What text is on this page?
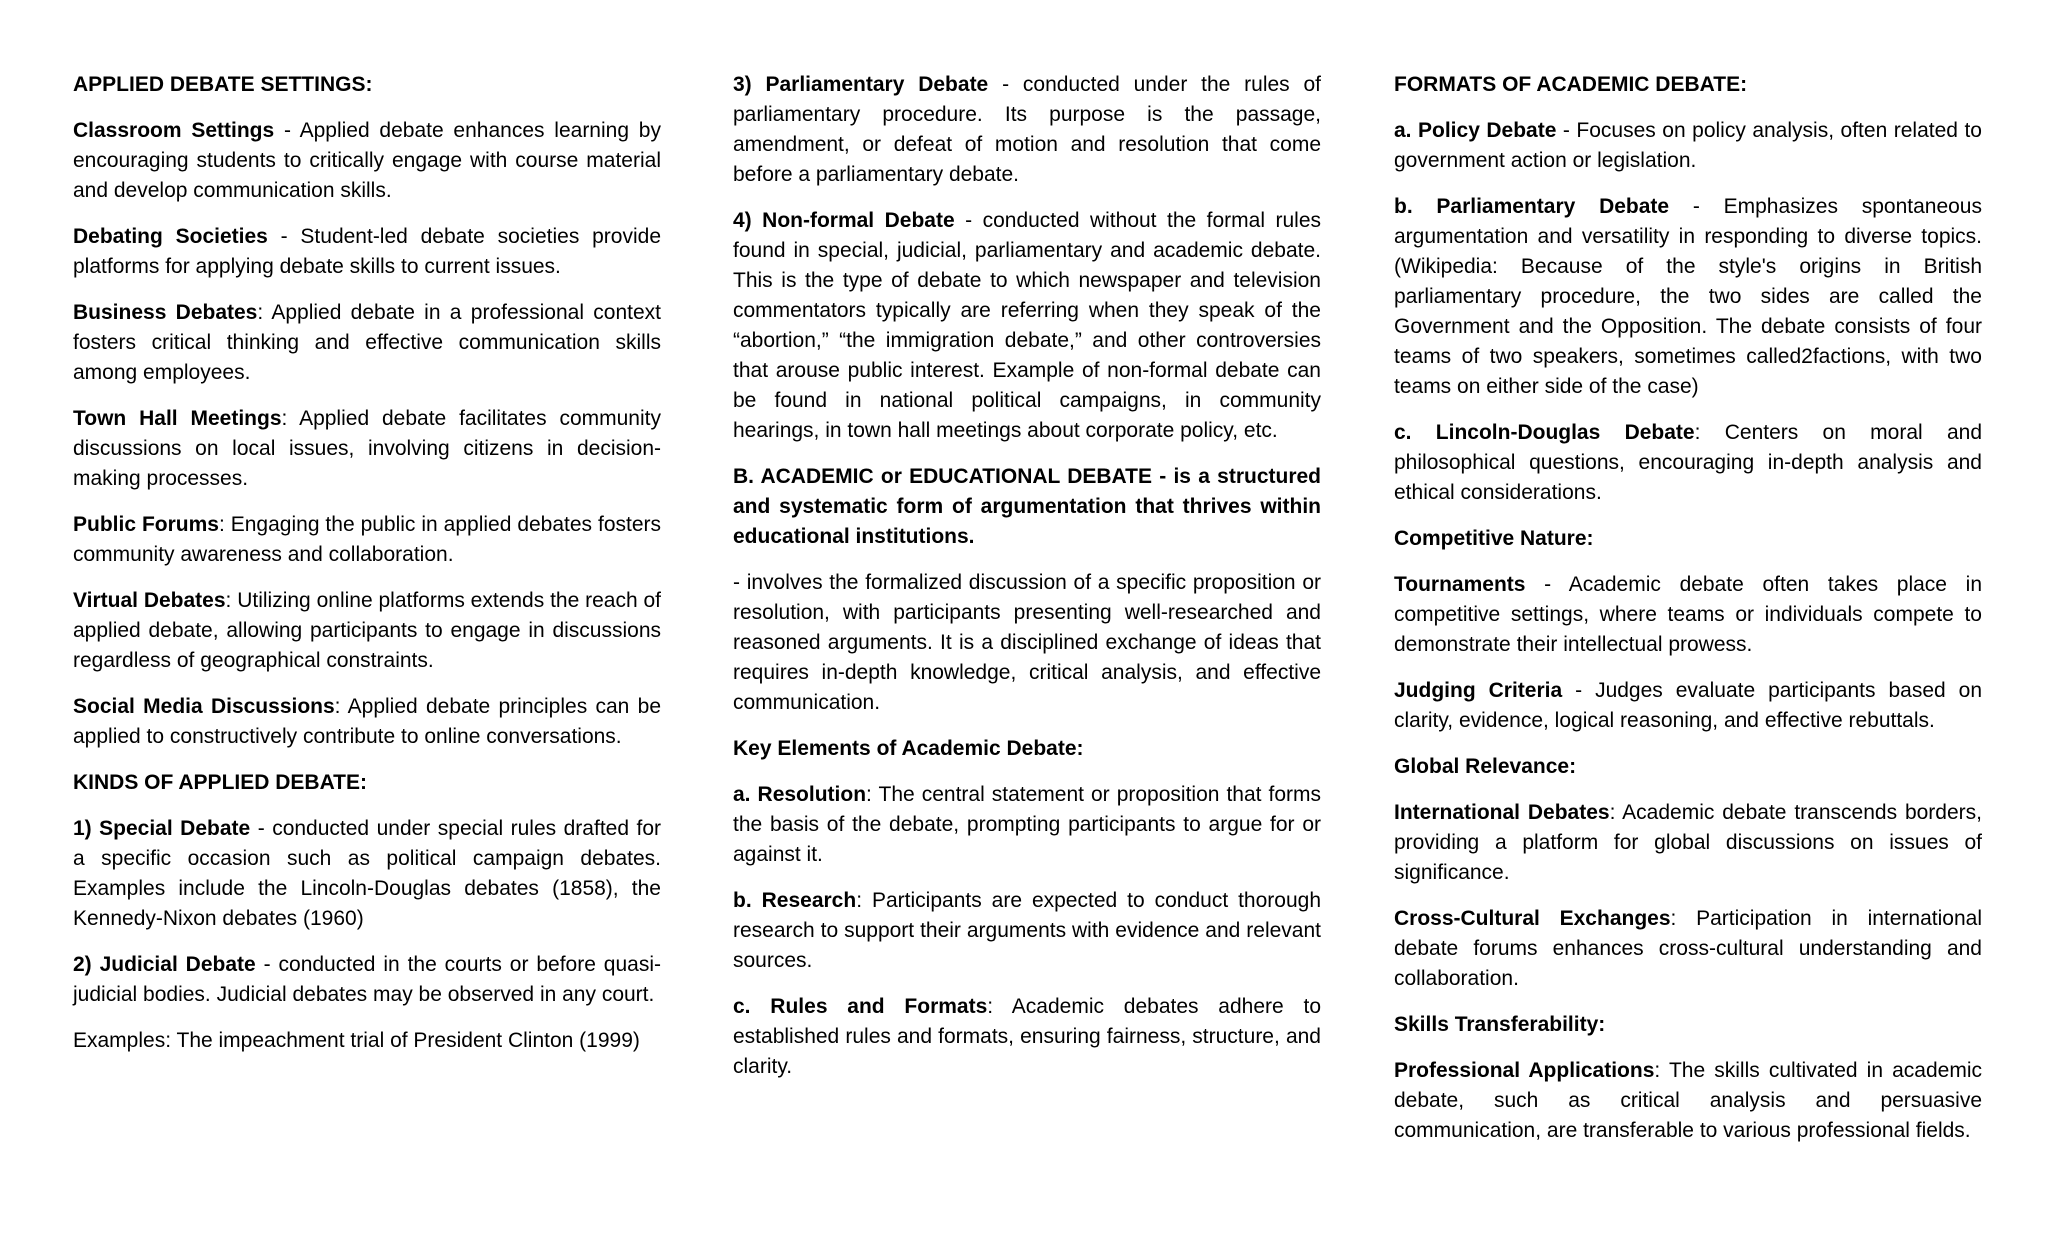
APPLIED DEBATE SETTINGS:

Classroom Settings - Applied debate enhances learning by encouraging students to critically engage with course material and develop communication skills.

Debating Societies - Student-led debate societies provide platforms for applying debate skills to current issues.

Business Debates: Applied debate in a professional context fosters critical thinking and effective communication skills among employees.

Town Hall Meetings: Applied debate facilitates community discussions on local issues, involving citizens in decision-making processes.

Public Forums: Engaging the public in applied debates fosters community awareness and collaboration.

Virtual Debates: Utilizing online platforms extends the reach of applied debate, allowing participants to engage in discussions regardless of geographical constraints.

Social Media Discussions: Applied debate principles can be applied to constructively contribute to online conversations.

KINDS OF APPLIED DEBATE:

1) Special Debate - conducted under special rules drafted for a specific occasion such as political campaign debates. Examples include the Lincoln-Douglas debates (1858), the Kennedy-Nixon debates (1960)

2) Judicial Debate - conducted in the courts or before quasi-judicial bodies. Judicial debates may be observed in any court.

Examples: The impeachment trial of President Clinton (1999)

3) Parliamentary Debate - conducted under the rules of parliamentary procedure. Its purpose is the passage, amendment, or defeat of motion and resolution that come before a parliamentary debate.

4) Non-formal Debate - conducted without the formal rules found in special, judicial, parliamentary and academic debate. This is the type of debate to which newspaper and television commentators typically are referring when they speak of the “abortion,” “the immigration debate,” and other controversies that arouse public interest. Example of non-formal debate can be found in national political campaigns, in community hearings, in town hall meetings about corporate policy, etc.

B. ACADEMIC or EDUCATIONAL DEBATE - is a structured and systematic form of argumentation that thrives within educational institutions.

- involves the formalized discussion of a specific proposition or resolution, with participants presenting well-researched and reasoned arguments. It is a disciplined exchange of ideas that requires in-depth knowledge, critical analysis, and effective communication.

Key Elements of Academic Debate:

a. Resolution: The central statement or proposition that forms the basis of the debate, prompting participants to argue for or against it.

b. Research: Participants are expected to conduct thorough research to support their arguments with evidence and relevant sources.

c. Rules and Formats: Academic debates adhere to established rules and formats, ensuring fairness, structure, and clarity.

FORMATS OF ACADEMIC DEBATE:

a. Policy Debate - Focuses on policy analysis, often related to government action or legislation.

b. Parliamentary Debate - Emphasizes spontaneous argumentation and versatility in responding to diverse topics. (Wikipedia: Because of the style's origins in British parliamentary procedure, the two sides are called the Government and the Opposition. The debate consists of four teams of two speakers, sometimes called2factions, with two teams on either side of the case)

c. Lincoln-Douglas Debate: Centers on moral and philosophical questions, encouraging in-depth analysis and ethical considerations.

Competitive Nature:

Tournaments - Academic debate often takes place in competitive settings, where teams or individuals compete to demonstrate their intellectual prowess.

Judging Criteria - Judges evaluate participants based on clarity, evidence, logical reasoning, and effective rebuttals.

Global Relevance:

International Debates: Academic debate transcends borders, providing a platform for global discussions on issues of significance.

Cross-Cultural Exchanges: Participation in international debate forums enhances cross-cultural understanding and collaboration.

Skills Transferability:

Professional Applications: The skills cultivated in academic debate, such as critical analysis and persuasive communication, are transferable to various professional fields.
